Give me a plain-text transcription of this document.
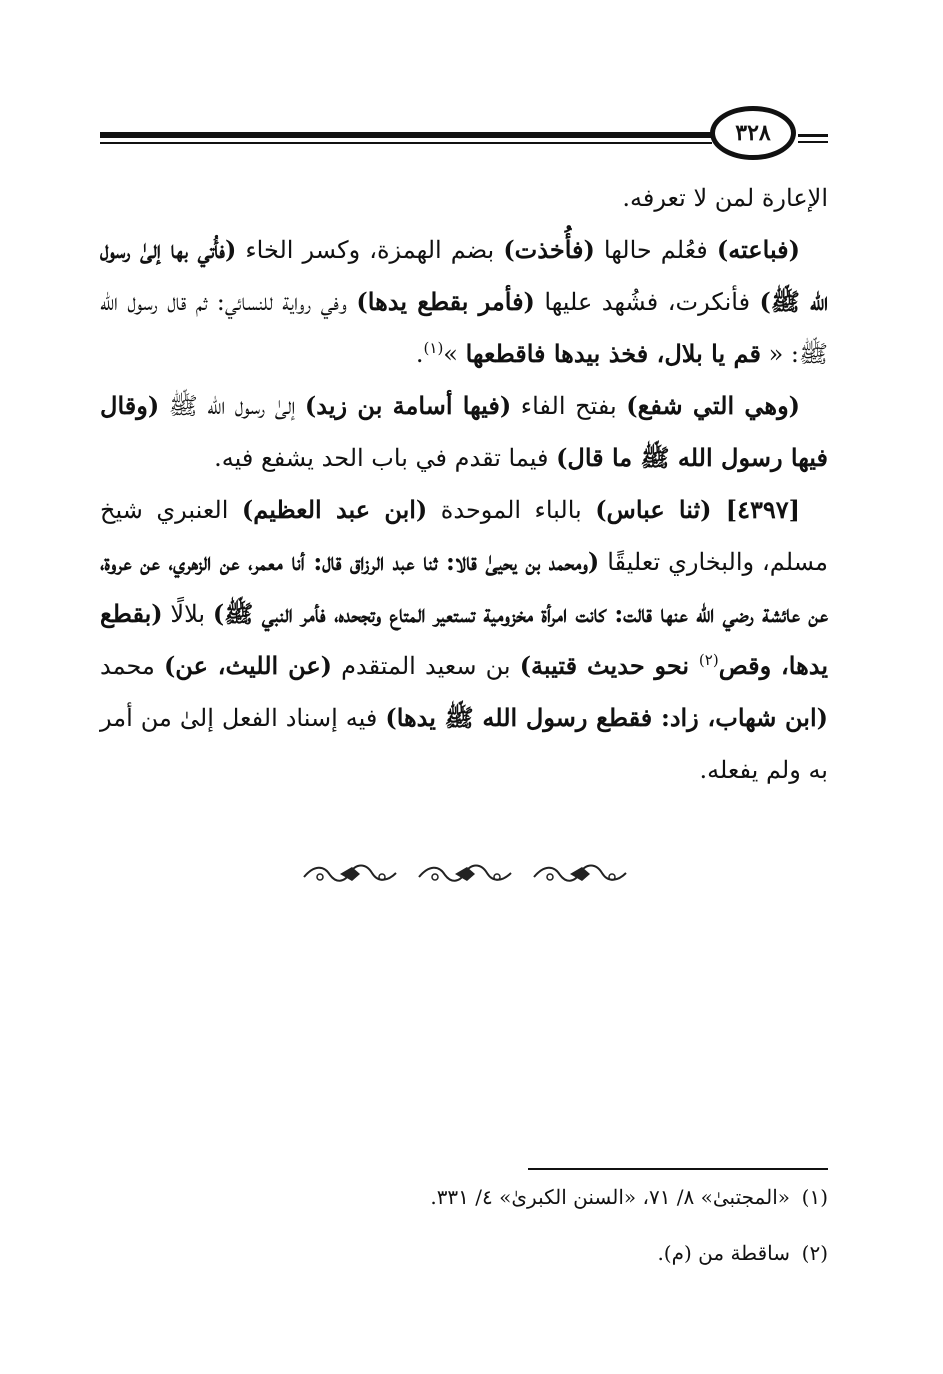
٣٢٨

الإعارة لمن لا تعرفه.

(فباعته) فعُلم حالها (فأُخذت) بضم الهمزة، وكسر الخاء (فأُتي بها إلىٰ رسول الله ﷺ) فأنكرت، فشُهد عليها (فأمر بقطع يدها) وفي رواية للنسائي: ثم قال رسول الله ﷺ: « قم يا بلال، فخذ بيدها فاقطعها »$^{(١)}$.

(وهي التي شفع) بفتح الفاء (فيها أسامة بن زيد) إلىٰ رسول الله ﷺ (وقال فيها رسول الله ﷺ ما قال) فيما تقدم في باب الحد يشفع فيه.

[٤٣٩٧] (ثنا عباس) بالباء الموحدة (ابن عبد العظيم) العنبري شيخ مسلم، والبخاري تعليقًا (ومحمد بن يحيىٰ قالا: ثنا عبد الرزاق قال: أنا معمر، عن الزهري، عن عروة، عن عائشة رضي الله عنها قالت: كانت امرأة مخزومية تستعير المتاع وتجحده، فأمر النبي ﷺ) بلالًا (بقطع يدها، وقص$^{(٢)}$ نحو حديث قتيبة) بن سعيد المتقدم (عن الليث، عن) محمد (ابن شهاب، زاد: فقطع رسول الله ﷺ يدها) فيه إسناد الفعل إلىٰ من أمر به ولم يفعله.

(١)«المجتبىٰ» ٨/ ٧١، «السنن الكبرىٰ» ٤/ ٣٣١.

(٢)ساقطة من (م).
